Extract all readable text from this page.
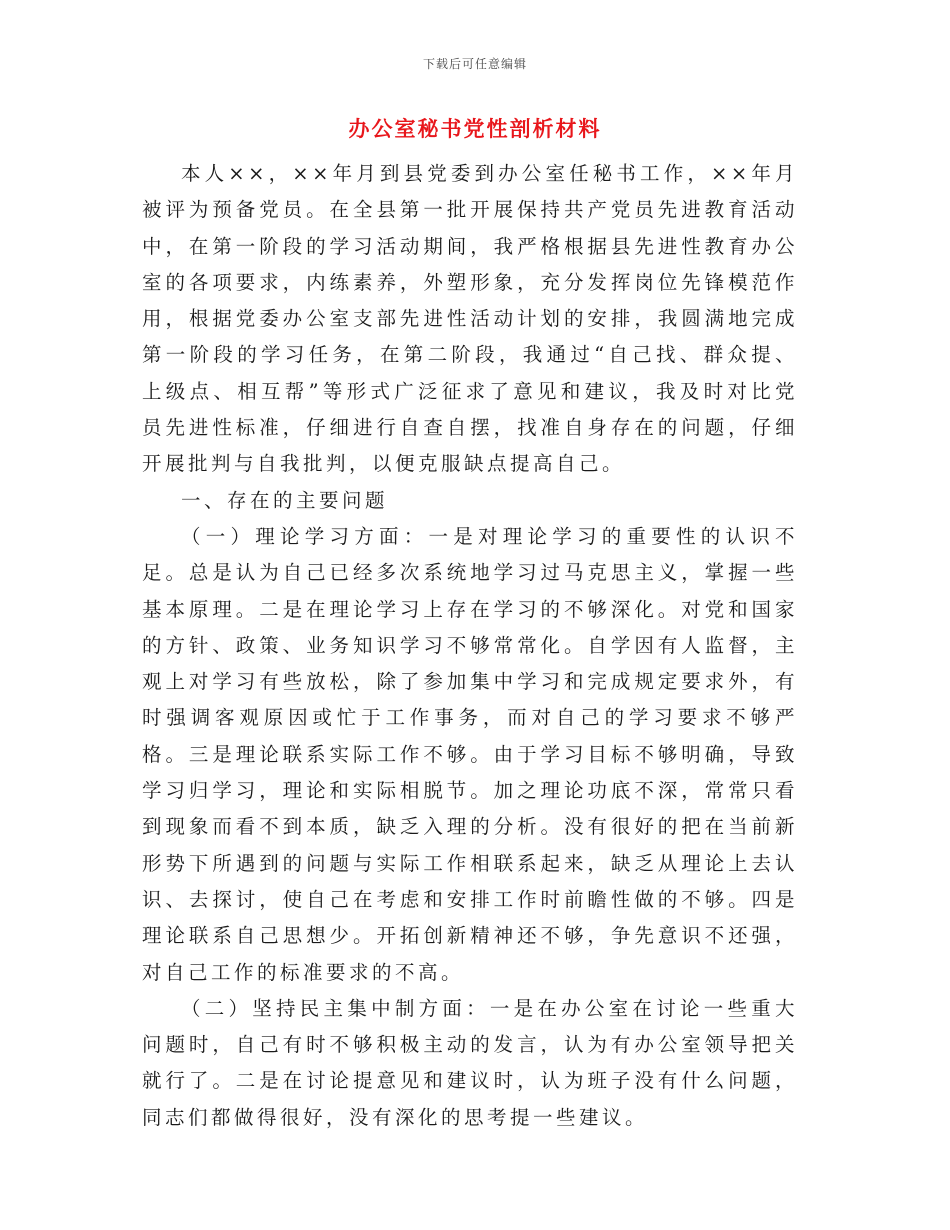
下载后可任意编辑
办公室秘书党性剖析材料

本人××，××年月到县党委到办公室任秘书工作，××年月被评为预备党员。在全县第一批开展保持共产党员先进教育活动中，在第一阶段的学习活动期间，我严格根据县先进性教育办公室的各项要求，内练素养，外塑形象，充分发挥岗位先锋模范作用，根据党委办公室支部先进性活动计划的安排，我圆满地完成第一阶段的学习任务，在第二阶段，我通过“自己找、群众提、上级点、相互帮”等形式广泛征求了意见和建议，我及时对比党员先进性标准，仔细进行自查自摆，找准自身存在的问题，仔细开展批判与自我批判，以便克服缺点提高自己。

一、存在的主要问题

（一）理论学习方面：一是对理论学习的重要性的认识不足。总是认为自己已经多次系统地学习过马克思主义，掌握一些基本原理。二是在理论学习上存在学习的不够深化。对党和国家的方针、政策、业务知识学习不够常常化。自学因有人监督，主观上对学习有些放松，除了参加集中学习和完成规定要求外，有时强调客观原因或忙于工作事务，而对自己的学习要求不够严格。三是理论联系实际工作不够。由于学习目标不够明确，导致学习归学习，理论和实际相脱节。加之理论功底不深，常常只看到现象而看不到本质，缺乏入理的分析。没有很好的把在当前新形势下所遇到的问题与实际工作相联系起来，缺乏从理论上去认识、去探讨，使自己在考虑和安排工作时前瞻性做的不够。四是理论联系自己思想少。开拓创新精神还不够，争先意识不还强，对自己工作的标准要求的不高。

（二）坚持民主集中制方面：一是在办公室在讨论一些重大问题时，自己有时不够积极主动的发言，认为有办公室领导把关就行了。二是在讨论提意见和建议时，认为班子没有什么问题，同志们都做得很好，没有深化的思考提一些建议。
